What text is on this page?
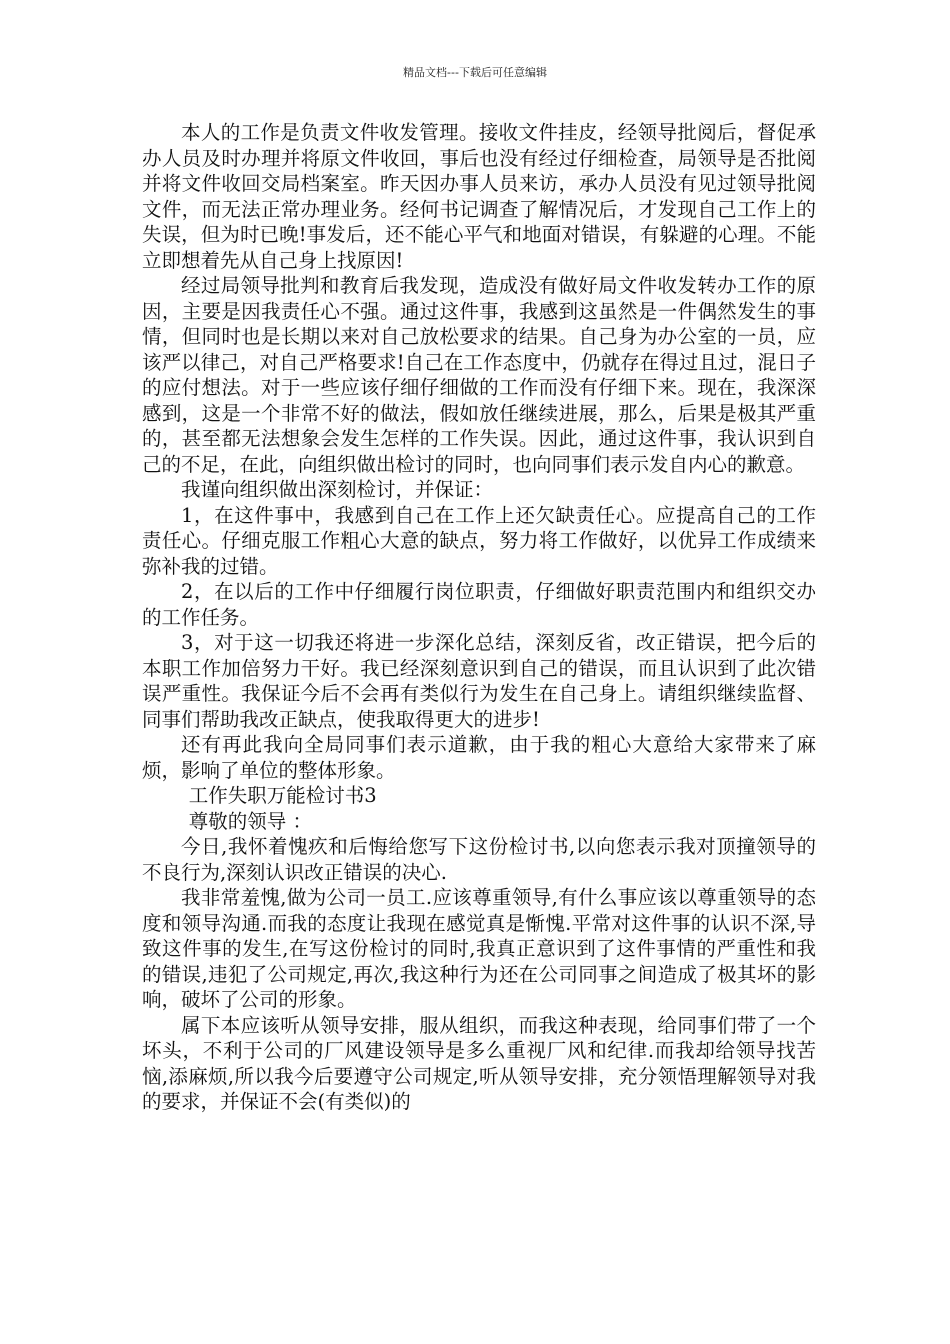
精品文档---下载后可任意编辑

本人的工作是负责文件收发管理。接收文件挂皮，经领导批阅后，督促承办人员及时办理并将原文件收回，事后也没有经过仔细检查，局领导是否批阅并将文件收回交局档案室。昨天因办事人员来访，承办人员没有见过领导批阅文件，而无法正常办理业务。经何书记调查了解情况后，才发现自己工作上的失误，但为时已晚!事发后，还不能心平气和地面对错误，有躲避的心理。不能立即想着先从自己身上找原因!

经过局领导批判和教育后我发现，造成没有做好局文件收发转办工作的原因，主要是因我责任心不强。通过这件事，我感到这虽然是一件偶然发生的事情，但同时也是长期以来对自己放松要求的结果。自己身为办公室的一员，应该严以律己，对自己严格要求!自己在工作态度中，仍就存在得过且过，混日子的应付想法。对于一些应该仔细仔细做的工作而没有仔细下来。现在，我深深感到，这是一个非常不好的做法，假如放任继续进展，那么，后果是极其严重的，甚至都无法想象会发生怎样的工作失误。因此，通过这件事，我认识到自己的不足，在此，向组织做出检讨的同时，也向同事们表示发自内心的歉意。

我谨向组织做出深刻检讨，并保证：

1，在这件事中，我感到自己在工作上还欠缺责任心。应提高自己的工作责任心。仔细克服工作粗心大意的缺点，努力将工作做好，以优异工作成绩来弥补我的过错。

2，在以后的工作中仔细履行岗位职责，仔细做好职责范围内和组织交办的工作任务。

3，对于这一切我还将进一步深化总结，深刻反省，改正错误，把今后的本职工作加倍努力干好。我已经深刻意识到自己的错误，而且认识到了此次错误严重性。我保证今后不会再有类似行为发生在自己身上。请组织继续监督、同事们帮助我改正缺点，使我取得更大的进步!

还有再此我向全局同事们表示道歉，由于我的粗心大意给大家带来了麻烦，影响了单位的整体形象。

工作失职万能检讨书3

尊敬的领导 ：

今日,我怀着愧疚和后悔给您写下这份检讨书,以向您表示我对顶撞领导的不良行为,深刻认识改正错误的决心.

我非常羞愧,做为公司一员工.应该尊重领导,有什么事应该以尊重领导的态度和领导沟通.而我的态度让我现在感觉真是惭愧.平常对这件事的认识不深,导致这件事的发生,在写这份检讨的同时,我真正意识到了这件事情的严重性和我的错误,违犯了公司规定,再次,我这种行为还在公司同事之间造成了极其坏的影响，破坏了公司的形象。

属下本应该听从领导安排，服从组织，而我这种表现，给同事们带了一个坏头，不利于公司的厂风建设领导是多么重视厂风和纪律.而我却给领导找苦恼,添麻烦,所以我今后要遵守公司规定,听从领导安排，充分领悟理解领导对我的要求，并保证不会(有类似)的
